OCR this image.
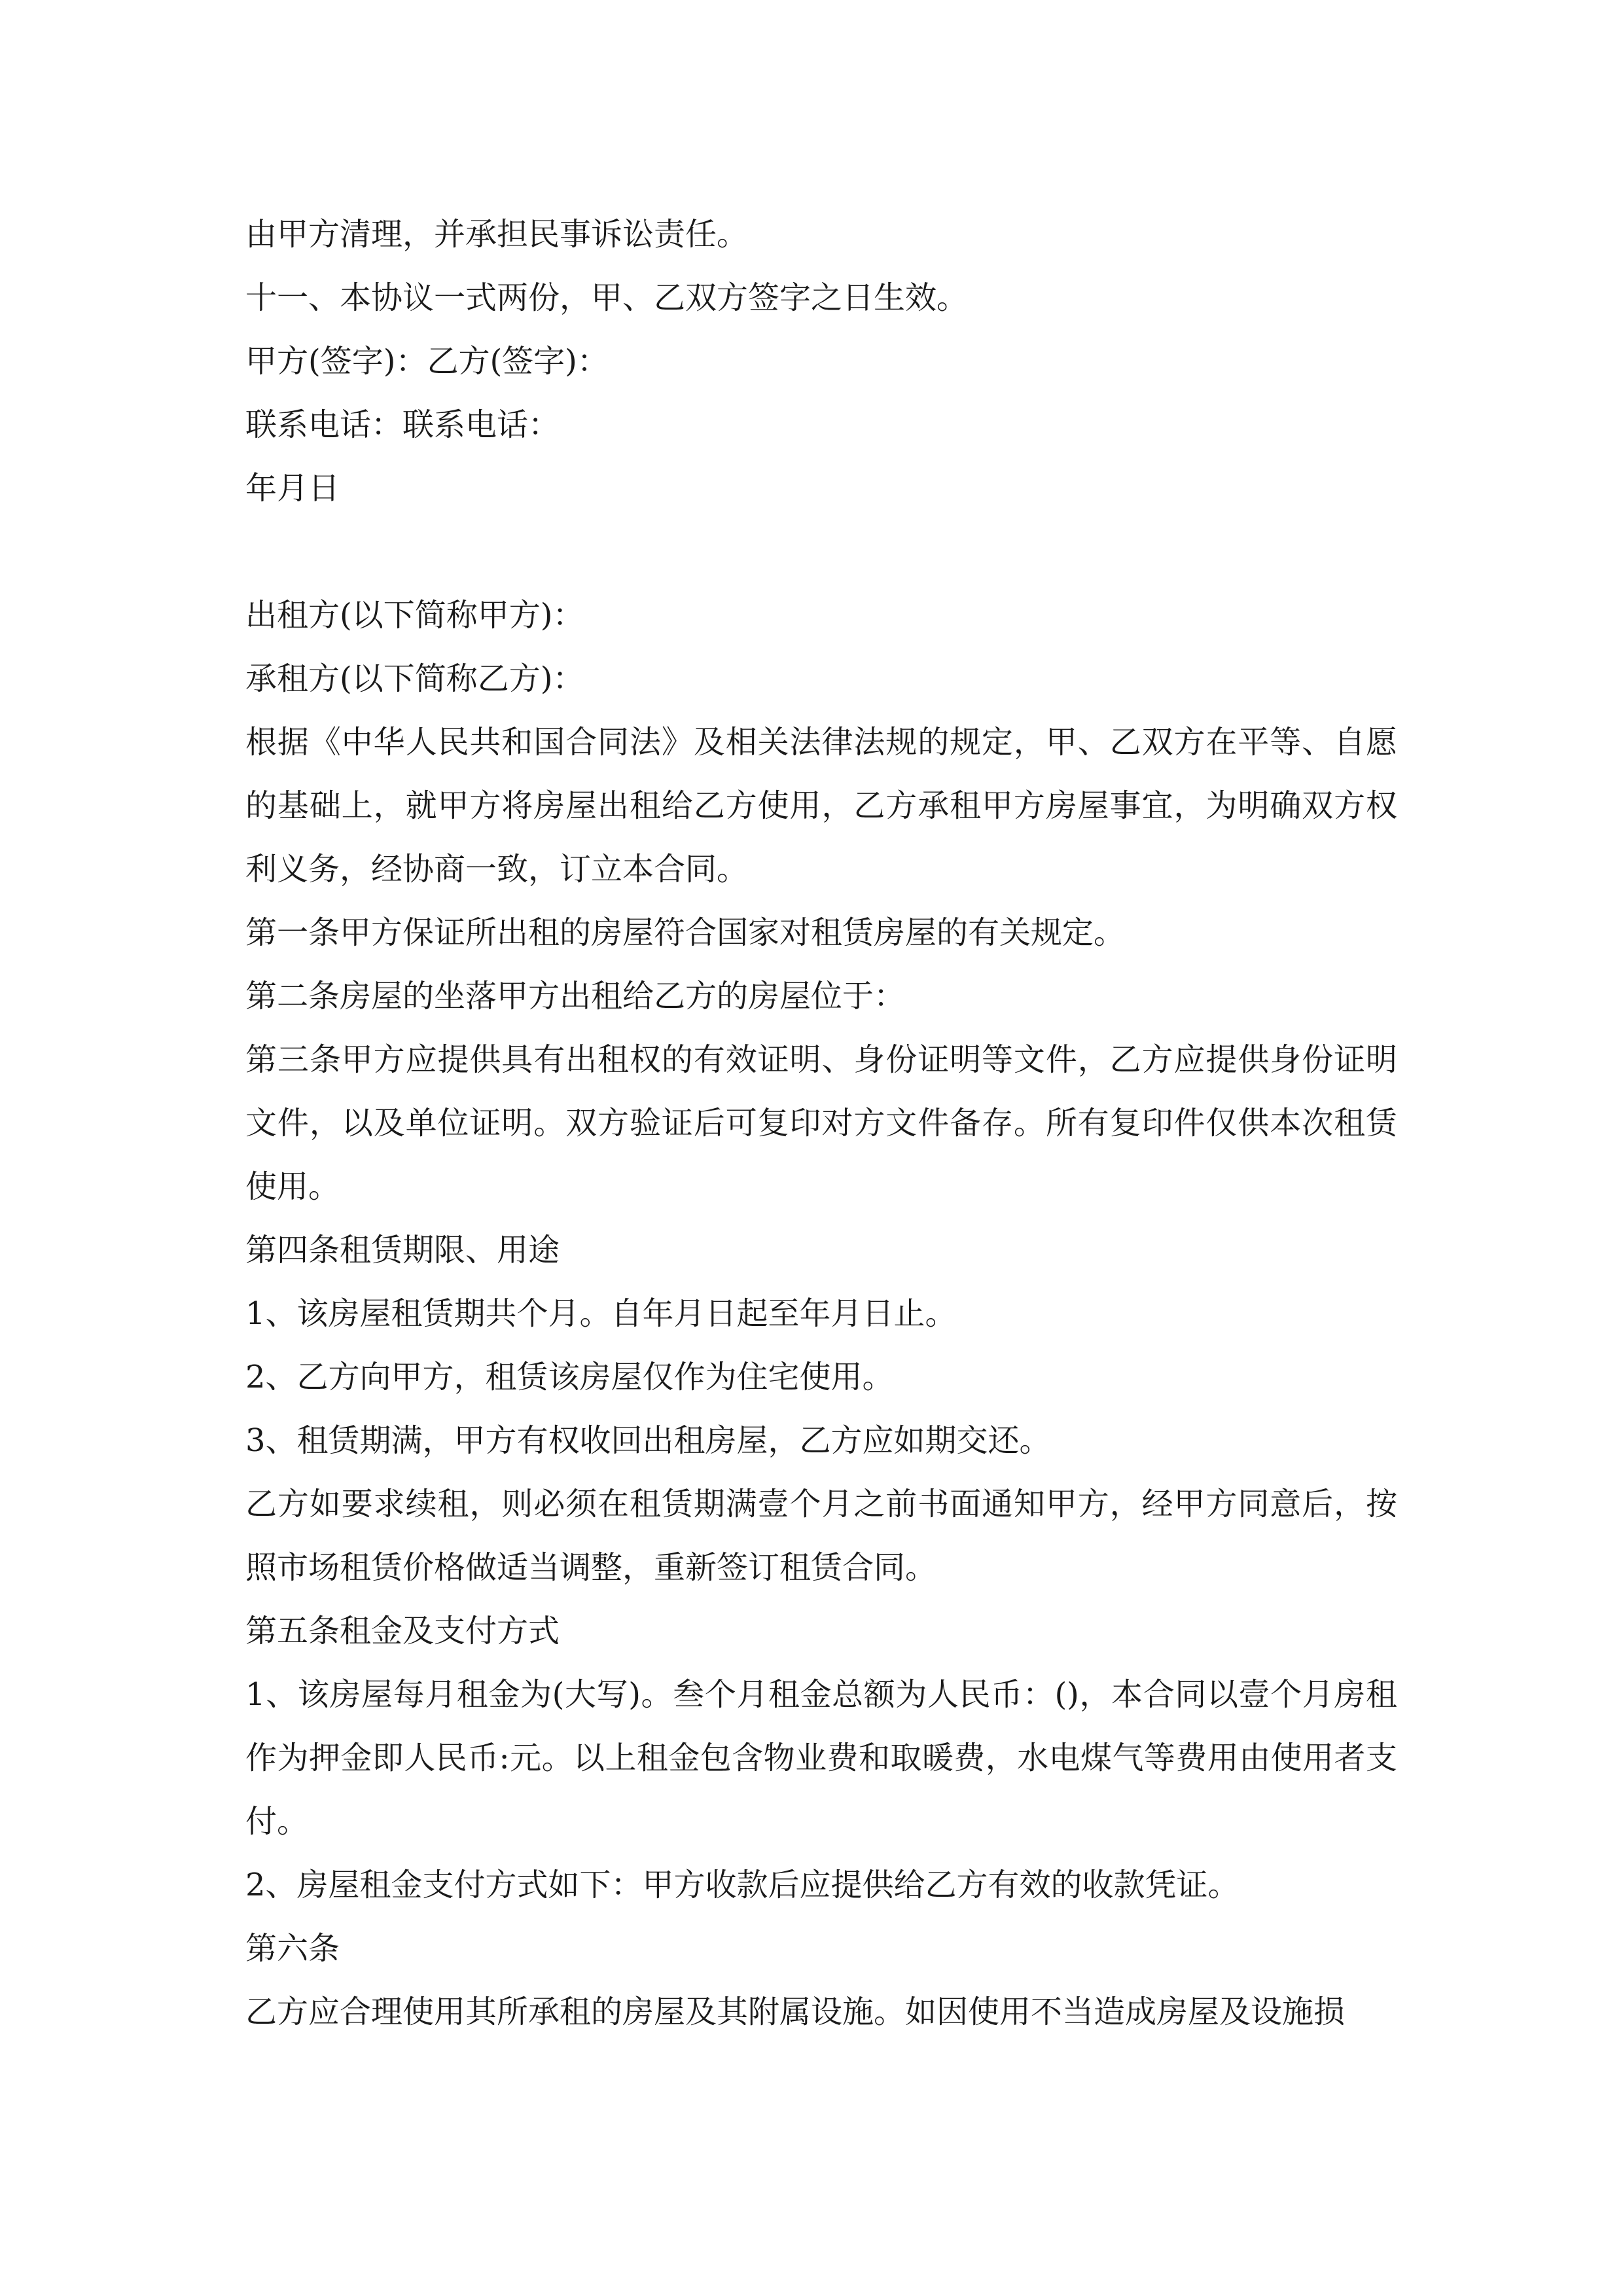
由甲方清理，并承担民事诉讼责任。

十一、本协议一式两份，甲、乙双方签字之日生效。

甲方(签字)：乙方(签字)：

联系电话：联系电话：

年月日

出租方(以下简称甲方)：

承租方(以下简称乙方)：

根据《中华人民共和国合同法》及相关法律法规的规定，甲、乙双方在平等、自愿的基础上，就甲方将房屋出租给乙方使用，乙方承租甲方房屋事宜，为明确双方权利义务，经协商一致，订立本合同。

第一条甲方保证所出租的房屋符合国家对租赁房屋的有关规定。

第二条房屋的坐落甲方出租给乙方的房屋位于：

第三条甲方应提供具有出租权的有效证明、身份证明等文件，乙方应提供身份证明文件，以及单位证明。双方验证后可复印对方文件备存。所有复印件仅供本次租赁使用。

第四条租赁期限、用途

1、该房屋租赁期共个月。自年月日起至年月日止。

2、乙方向甲方，租赁该房屋仅作为住宅使用。

3、租赁期满，甲方有权收回出租房屋，乙方应如期交还。

乙方如要求续租，则必须在租赁期满壹个月之前书面通知甲方，经甲方同意后，按照市场租赁价格做适当调整，重新签订租赁合同。

第五条租金及支付方式

1、该房屋每月租金为(大写)。叁个月租金总额为人民币：()，本合同以壹个月房租作为押金即人民币:元。以上租金包含物业费和取暖费，水电煤气等费用由使用者支付。

2、房屋租金支付方式如下：甲方收款后应提供给乙方有效的收款凭证。

第六条

乙方应合理使用其所承租的房屋及其附属设施。如因使用不当造成房屋及设施损
